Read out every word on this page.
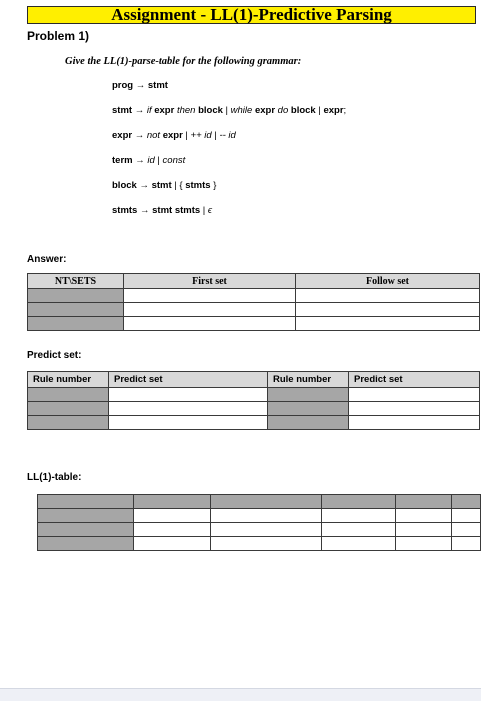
Assignment - LL(1)-Predictive Parsing
Problem 1)
Give the LL(1)-parse-table for the following grammar:
prog → stmt
stmt → if expr then block | while expr do block | expr;
expr → not expr | ++ id | -- id
term → id | const
block → stmt | { stmts }
stmts → stmt stmts | ϵ
Answer:
NT\SETS	First set	Follow set

Predict set:
Rule number	Predict set	Rule number	Predict set

LL(1)-table:
